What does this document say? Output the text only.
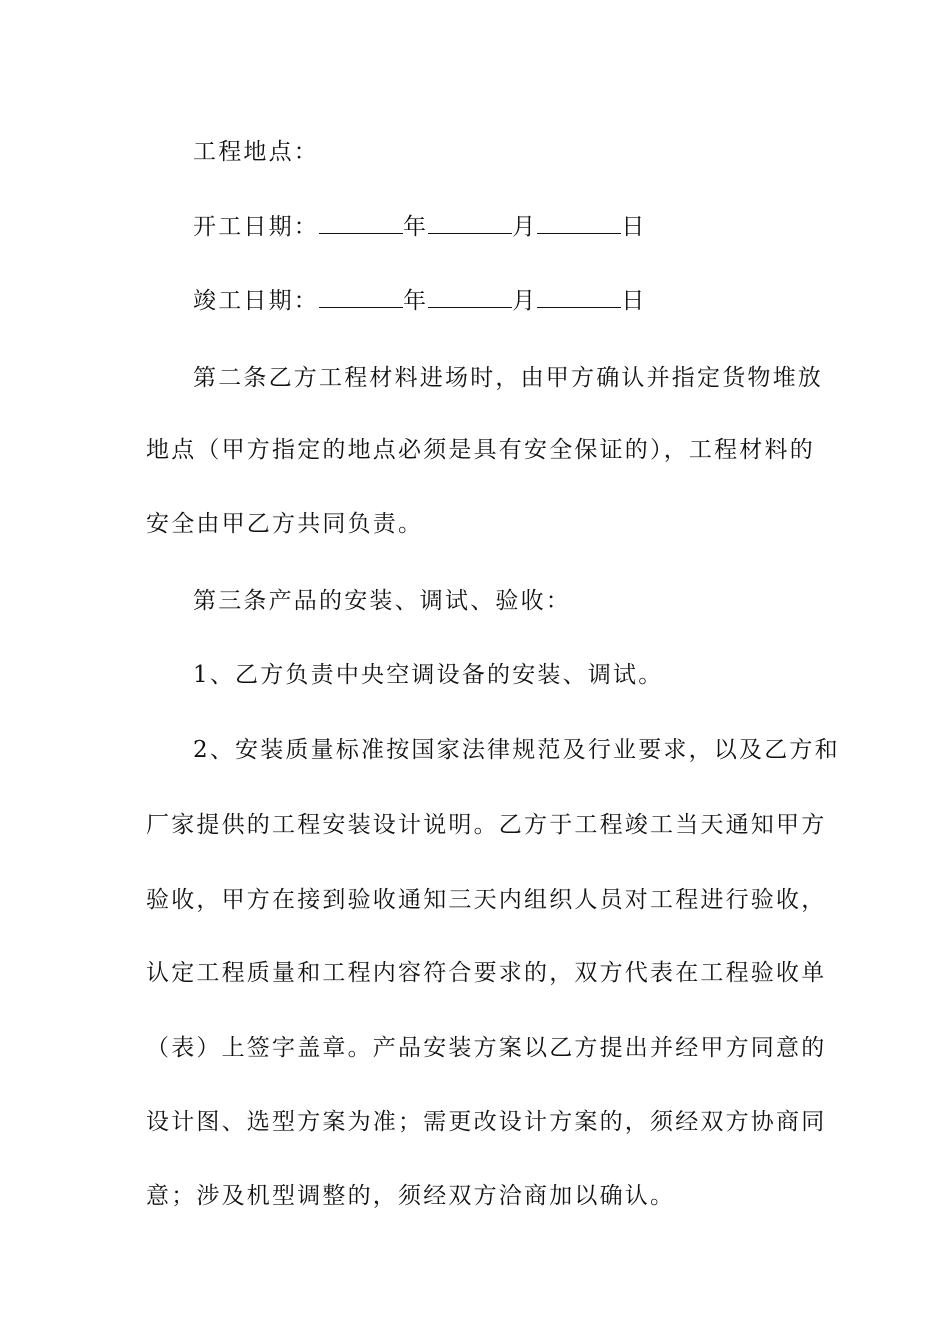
工程地点：
开工日期：	年	月	日
竣工日期：	年	月	日
第二条乙方工程材料进场时，由甲方确认并指定货物堆放
地点（甲方指定的地点必须是具有安全保证的），工程材料的
安全由甲乙方共同负责。
第三条产品的安装、调试、验收：
1、乙方负责中央空调设备的安装、调试。
2、安装质量标准按国家法律规范及行业要求，以及乙方和
厂家提供的工程安装设计说明。乙方于工程竣工当天通知甲方
验收，甲方在接到验收通知三天内组织人员对工程进行验收，
认定工程质量和工程内容符合要求的，双方代表在工程验收单
（表）上签字盖章。产品安装方案以乙方提出并经甲方同意的
设计图、选型方案为准；需更改设计方案的，须经双方协商同
意；涉及机型调整的，须经双方洽商加以确认。
